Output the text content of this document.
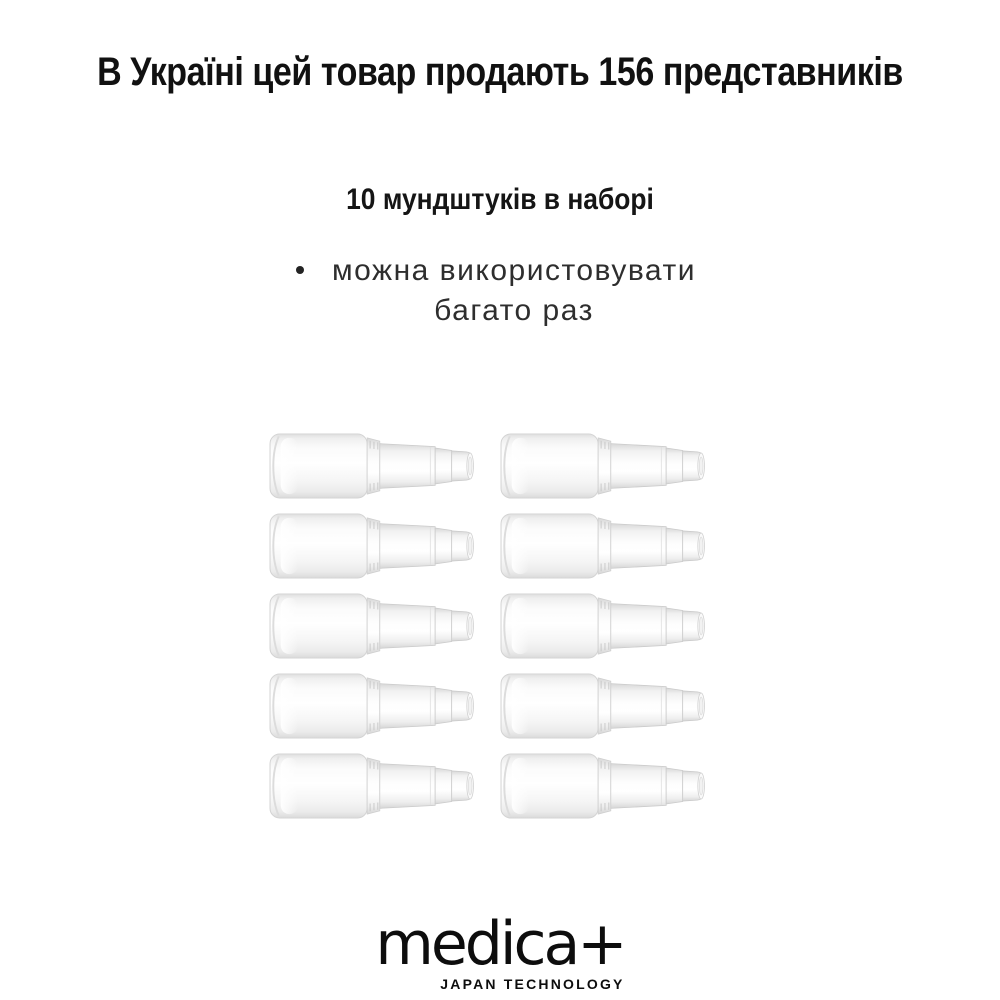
В Україні цей товар продають 156 представників
10 мундштуків в наборі
можна використовувати
багато раз
medica+
JAPAN TECHNOLOGY
